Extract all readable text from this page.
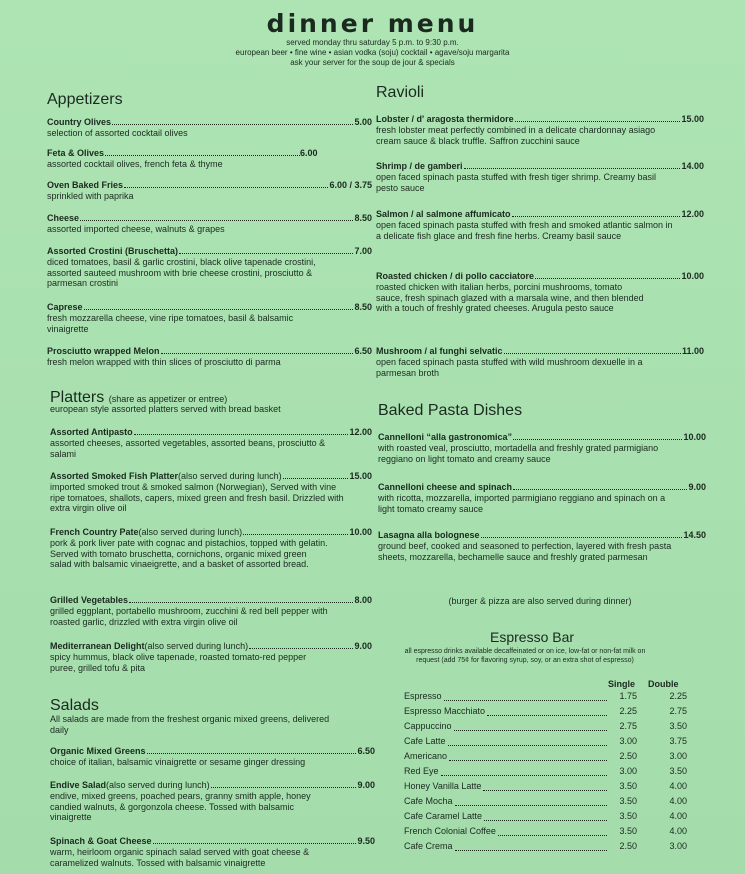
dinner menu
served monday thru saturday 5 p.m. to 9:30 p.m.
european beer • fine wine • asian vodka (soju) cocktail • agave/soju margarita
ask your server for the soup de jour & specials
Appetizers
Country Olives	5.00
selection of assorted cocktail olives
Feta & Olives	6.00
assorted cocktail olives, french feta & thyme
Oven Baked Fries	6.00 / 3.75
sprinkled with paprika
Cheese	8.50
assorted imported cheese, walnuts & grapes
Assorted Crostini (Bruschetta)	7.00
diced tomatoes, basil & garlic crostini, black olive tapenade crostini, assorted sauteed mushroom with brie cheese crostini, prosciutto & parmesan crostini
Caprese	8.50
fresh mozzarella cheese, vine ripe tomatoes, basil & balsamic vinaigrette
Prosciutto wrapped Melon	6.50
fresh melon wrapped with thin slices of prosciutto di parma
Platters (share as appetizer or entree)
european style assorted platters served with bread basket
Assorted Antipasto	12.00
assorted cheeses, assorted vegetables, assorted beans, prosciutto & salami
Assorted Smoked Fish Platter (also served during lunch)	15.00
imported smoked trout & smoked salmon (Norwegian), Served with vine ripe tomatoes, shallots, capers, mixed green and fresh basil. Drizzled with extra virgin olive oil
French Country Pate (also served during lunch)	10.00
pork & pork liver pate with cognac and pistachios, topped with gelatin. Served with tomato bruschetta, cornichons, organic mixed green salad with balsamic vinaeigrette, and a basket of assorted bread.
Grilled Vegetables	8.00
grilled eggplant, portabello mushroom, zucchini & red bell pepper with roasted garlic, drizzled with extra virgin olive oil
Mediterranean Delight (also served during lunch)	9.00
spicy hummus, black olive tapenade, roasted tomato-red pepper puree, grilled tofu & pita
Salads
All salads are made from the freshest organic mixed greens, delivered daily
Organic Mixed Greens	6.50
choice of italian, balsamic vinaigrette or sesame ginger dressing
Endive Salad (also served during lunch)	9.00
endive, mixed greens, poached pears, granny smith apple, honey candied walnuts, & gorgonzola cheese. Tossed with balsamic vinaigrette
Spinach & Goat Cheese	9.50
warm, heirloom organic spinach salad served with goat cheese & caramelized walnuts. Tossed with balsamic vinaigrette
Ravioli
Lobster / d' aragosta thermidore	15.00
fresh lobster meat perfectly combined in a delicate chardonnay asiago cream sauce & black truffle. Saffron zucchini sauce
Shrimp / de gamberi	14.00
open faced spinach pasta stuffed with fresh tiger shrimp. Creamy basil pesto sauce
Salmon / al salmone affumicato	12.00
open faced spinach pasta stuffed with fresh and smoked atlantic salmon in a delicate fish glace and fresh fine herbs. Creamy basil sauce
Roasted chicken / di pollo cacciatore	10.00
roasted chicken with italian herbs, porcini mushrooms, tomato sauce, fresh spinach glazed with a marsala wine, and then blended with a touch of freshly grated cheeses. Arugula pesto sauce
Mushroom / al funghi selvatic	11.00
open faced spinach pasta stuffed with wild mushroom dexuelle in a parmesan broth
Baked Pasta Dishes
Cannelloni “alla gastronomica”	10.00
with roasted veal, prosciutto, mortadella and freshly grated parmigiano reggiano on light tomato and creamy sauce
Cannelloni cheese and spinach	9.00
with ricotta, mozzarella, imported parmigiano reggiano and spinach on a light tomato creamy sauce
Lasagna alla bolognese	14.50
ground beef, cooked and seasoned to perfection, layered with fresh pasta sheets, mozzarella, bechamelle sauce and freshly grated parmesan
(burger & pizza are also served during dinner)
Espresso Bar
all espresso drinks available decaffeinated or on ice, low-fat or non-fat milk on request (add 75¢ for flavoring syrup, soy, or an extra shot of espresso)
Single Double
Espresso	1.75	2.25
Espresso Macchiato	2.25	2.75
Cappuccino	2.75	3.50
Cafe Latte	3.00	3.75
Americano	2.50	3.00
Red Eye	3.00	3.50
Honey Vanilla Latte	3.50	4.00
Cafe Mocha	3.50	4.00
Cafe Caramel Latte	3.50	4.00
French Colonial Coffee	3.50	4.00
Cafe Crema	2.50	3.00
